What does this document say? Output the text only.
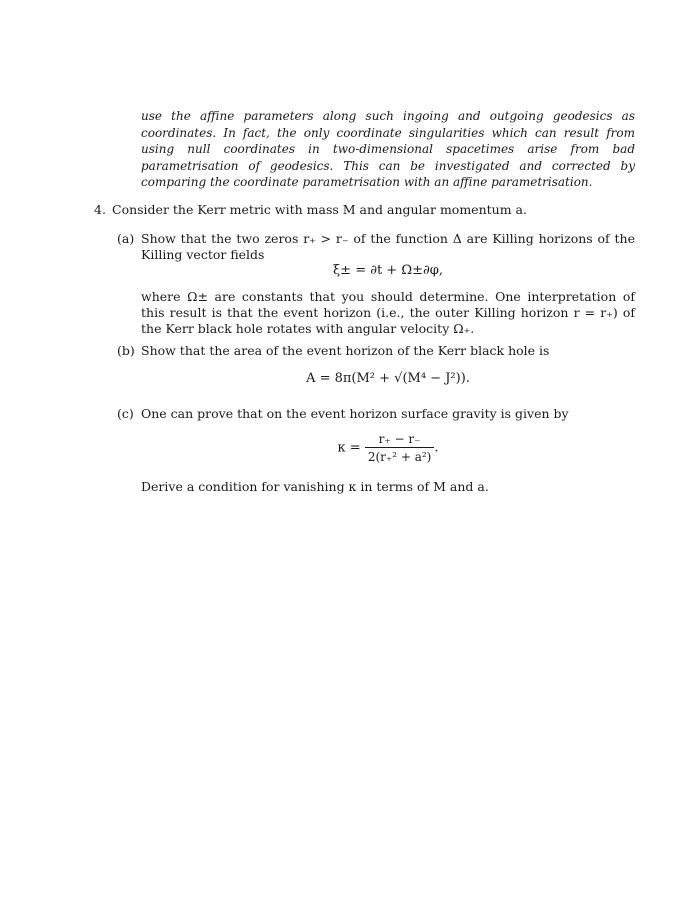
use the affine parameters along such ingoing and outgoing geodesics as coordinates. In fact, the only coordinate singularities which can result from using null coordinates in two-dimensional spacetimes arise from bad parametrisation of geodesics. This can be investigated and corrected by comparing the coordinate parametrisation with an affine parametrisation.
4. Consider the Kerr metric with mass M and angular momentum a.
(a) Show that the two zeros r₊ > r₋ of the function Δ are Killing horizons of the Killing vector fields
ξ± = ∂t + Ω±∂φ,
where Ω± are constants that you should determine. One interpretation of this result is that the event horizon (i.e., the outer Killing horizon r = r₊) of the Kerr black hole rotates with angular velocity Ω₊.
(b) Show that the area of the event horizon of the Kerr black hole is
A = 8π(M² + √(M⁴ − J²)).
(c) One can prove that on the event horizon surface gravity is given by
$\kappa = \frac{r_+ - r_-}{\text{2(r₊² + a²)}}$ .
Derive a condition for vanishing κ in terms of M and a.
